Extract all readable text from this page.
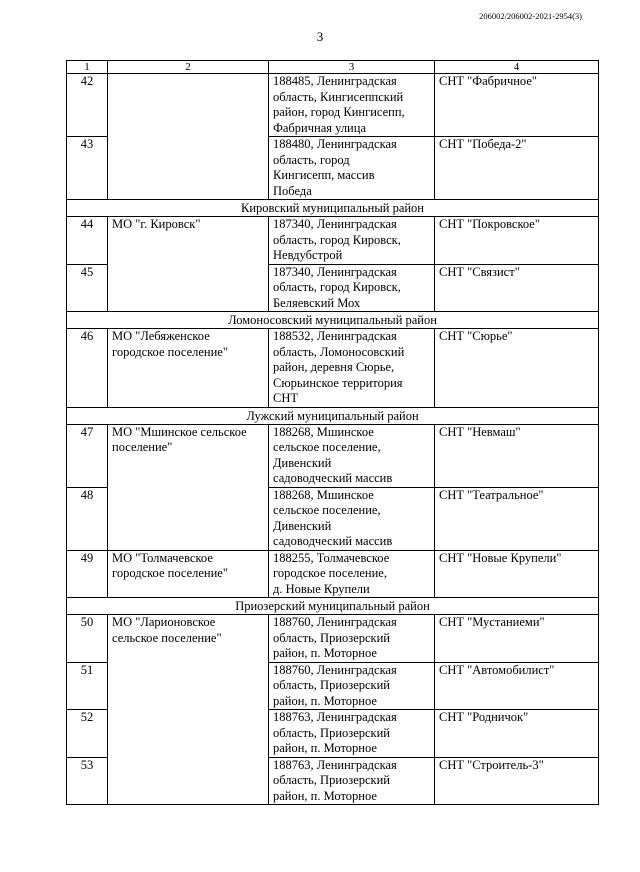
206002/206002-2021-2954(3)
3
1	2	3	4
42		188485, Ленинградская
область, Кингисеппский
район, город Кингисепп,
Фабричная улица	СНТ "Фабричное"
43		188480, Ленинградская
область, город
Кингисепп, массив
Победа	СНТ "Победа-2"
Кировский муниципальный район			
44	МО "г. Кировск"	187340, Ленинградская
область, город Кировск,
Невдубстрой	СНТ "Покровское"
45		187340, Ленинградская
область, город Кировск,
Беляевский Мох	СНТ "Связист"
Ломоносовский муниципальный район			
46	МО "Лебяженское городское поселение"	188532, Ленинградская
область, Ломоносовский
район, деревня Сюрье,
Сюрьинское территория
СНТ	СНТ "Сюрье"
Лужский муниципальный район			
47	МО "Мшинское сельское поселение"	188268, Мшинское
сельское поселение,
Дивенский
садоводческий массив	СНТ "Невмаш"
48		188268, Мшинское
сельское поселение,
Дивенский
садоводческий массив	СНТ "Театральное"
49	МО "Толмачевское городское поселение"	188255, Толмачевское
городское поселение,
д. Новые Крупели	СНТ "Новые Крупели"
Приозерский муниципальный район			
50	МО "Ларионовское сельское поселение"	188760, Ленинградская
область, Приозерский
район, п. Моторное	СНТ "Мустаниеми"
51		188760, Ленинградская
область, Приозерский
район, п. Моторное	СНТ "Автомобилист"
52		188763, Ленинградская
область, Приозерский
район, п. Моторное	СНТ "Родничок"
53		188763, Ленинградская
область, Приозерский
район, п. Моторное	СНТ "Строитель-3"
